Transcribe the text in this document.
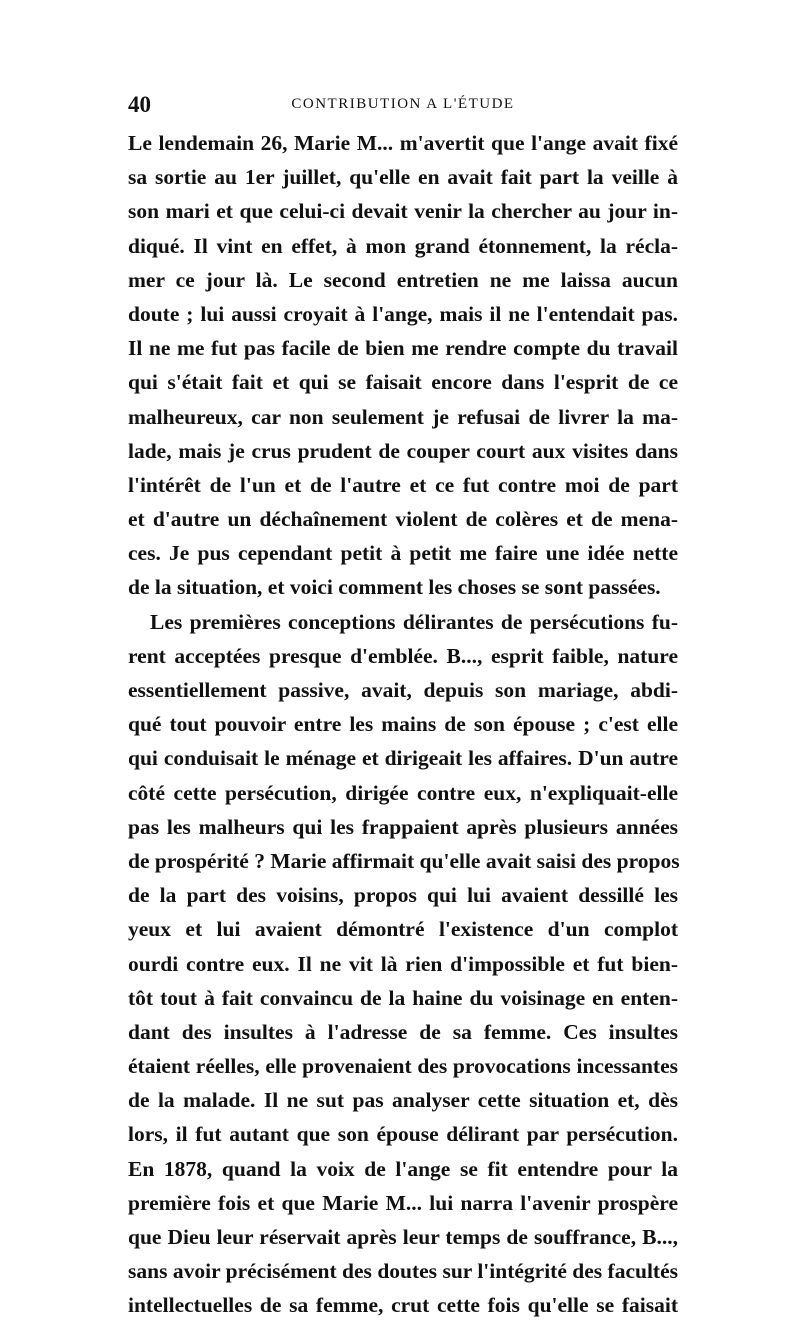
40	CONTRIBUTION A L'ÉTUDE
Le lendemain 26, Marie M... m'avertit que l'ange avait fixé
sa sortie au 1er juillet, qu'elle en avait fait part la veille à
son mari et que celui-ci devait venir la chercher au jour in-
diqué. Il vint en effet, à mon grand étonnement, la récla-
mer ce jour là. Le second entretien ne me laissa aucun
doute ; lui aussi croyait à l'ange, mais il ne l'entendait pas.
Il ne me fut pas facile de bien me rendre compte du travail
qui s'était fait et qui se faisait encore dans l'esprit de ce
malheureux, car non seulement je refusai de livrer la ma-
lade, mais je crus prudent de couper court aux visites dans
l'intérêt de l'un et de l'autre et ce fut contre moi de part
et d'autre un déchaînement violent de colères et de mena-
ces. Je pus cependant petit à petit me faire une idée nette
de la situation, et voici comment les choses se sont passées.
Les premières conceptions délirantes de persécutions fu-
rent acceptées presque d'emblée. B..., esprit faible, nature
essentiellement passive, avait, depuis son mariage, abdi-
qué tout pouvoir entre les mains de son épouse ; c'est elle
qui conduisait le ménage et dirigeait les affaires. D'un autre
côté cette persécution, dirigée contre eux, n'expliquait-elle
pas les malheurs qui les frappaient après plusieurs années
de prospérité ? Marie affirmait qu'elle avait saisi des propos
de la part des voisins, propos qui lui avaient dessillé les
yeux et lui avaient démontré l'existence d'un complot
ourdi contre eux. Il ne vit là rien d'impossible et fut bien-
tôt tout à fait convaincu de la haine du voisinage en enten-
dant des insultes à l'adresse de sa femme. Ces insultes
étaient réelles, elle provenaient des provocations incessantes
de la malade. Il ne sut pas analyser cette situation et, dès
lors, il fut autant que son épouse délirant par persécution.
En 1878, quand la voix de l'ange se fit entendre pour la
première fois et que Marie M... lui narra l'avenir prospère
que Dieu leur réservait après leur temps de souffrance, B...,
sans avoir précisément des doutes sur l'intégrité des facultés
intellectuelles de sa femme, crut cette fois qu'elle se faisait
